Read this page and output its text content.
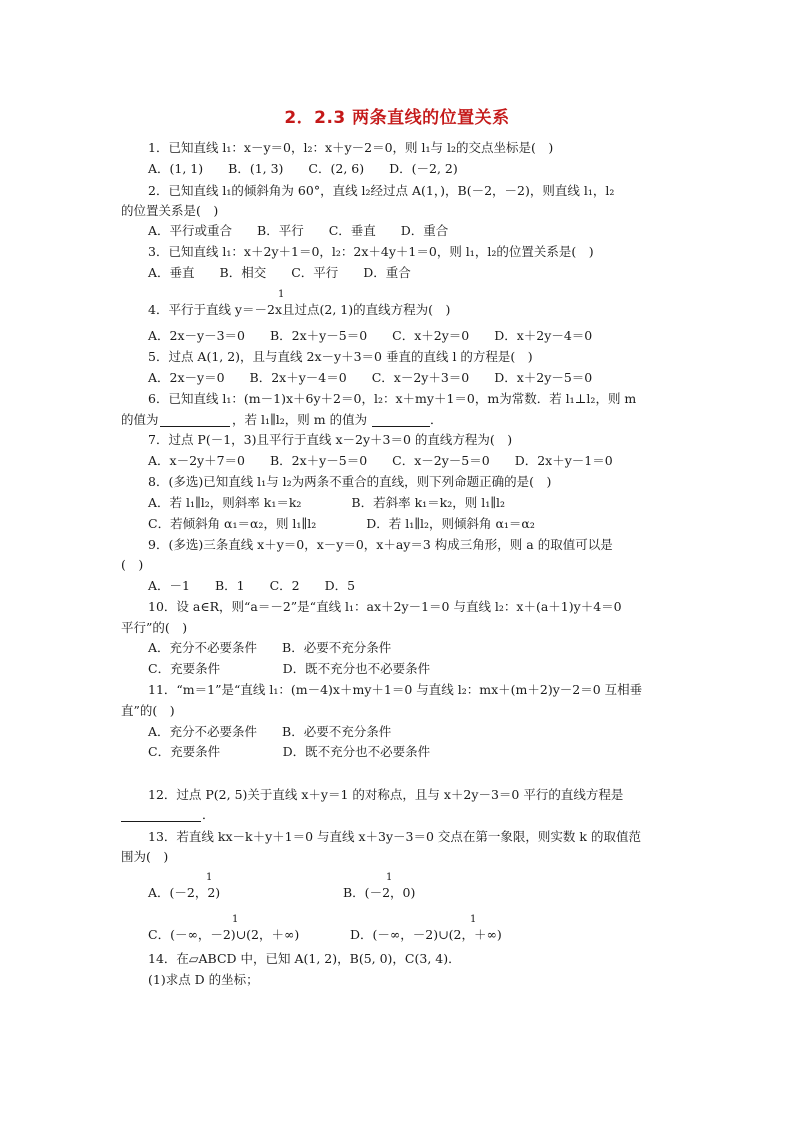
2．2.3 两条直线的位置关系
1．已知直线 l₁：x－y＝0，l₂：x＋y－2＝0，则 l₁与 l₂的交点坐标是(　)
A．(1, 1)　　B．(1, 3)　　C．(2, 6)　　D．(－2, 2)
2．已知直线 l₁的倾斜角为 60°，直线 l₂经过点 A(1，)，B(－2，－2)，则直线 l₁，l₂
的位置关系是(　)
A．平行或重合　　B．平行　　C．垂直　　D．重合
3．已知直线 l₁：x＋2y＋1＝0，l₂：2x＋4y＋1＝0，则 l₁，l₂的位置关系是(　)
A．垂直　　B．相交　　C．平行　　D．重合
1
4．平行于直线 y＝－2x且过点(2, 1)的直线方程为(　)
A．2x－y－3＝0　　B．2x＋y－5＝0　　C．x＋2y＝0　　D．x＋2y－4＝0
5．过点 A(1, 2)，且与直线 2x－y＋3＝0 垂直的直线 l 的方程是(　)
A．2x－y＝0　　B．2x＋y－4＝0　　C．x－2y＋3＝0　　D．x＋2y－5＝0
6．已知直线 l₁：(m－1)x＋6y＋2＝0，l₂：x＋my＋1＝0，m为常数．若 l₁⊥l₂，则 m
的值为	，若 l₁∥l₂，则 m 的值为	．
7．过点 P(－1，3)且平行于直线 x－2y＋3＝0 的直线方程为(　)
A．x－2y＋7＝0　　B．2x＋y－5＝0　　C．x－2y－5＝0　　D．2x＋y－1＝0
8．(多选)已知直线 l₁与 l₂为两条不重合的直线，则下列命题正确的是(　)
A．若 l₁∥l₂，则斜率 k₁＝k₂　　　　B．若斜率 k₁＝k₂，则 l₁∥l₂
C．若倾斜角 α₁＝α₂，则 l₁∥l₂　　　　D．若 l₁∥l₂，则倾斜角 α₁＝α₂
9．(多选)三条直线 x＋y＝0，x－y＝0，x＋ay＝3 构成三角形，则 a 的取值可以是
(　)
A．－1　　B．1　　C．2　　D．5
10．设 a∈R，则“a＝－2”是“直线 l₁：ax＋2y－1＝0 与直线 l₂：x＋(a＋1)y＋4＝0
平行”的(　)
A．充分不必要条件　　B．必要不充分条件
C．充要条件　　　　　D．既不充分也不必要条件
11．“m＝1”是“直线 l₁：(m－4)x＋my＋1＝0 与直线 l₂：mx＋(m＋2)y－2＝0 互相垂
直”的(　)
A．充分不必要条件　　B．必要不充分条件
C．充要条件　　　　　D．既不充分也不必要条件
12．过点 P(2, 5)关于直线 x＋y＝1 的对称点，且与 x＋2y－3＝0 平行的直线方程是
．
13．若直线 kx－k＋y＋1＝0 与直线 x＋3y－3＝0 交点在第一象限，则实数 k 的取值范
围为(　)
1
A．(－2，2)
1
B．(－2，0)
1
C．(－∞，－2)∪(2，＋∞)
1
D．(－∞，－2)∪(2，＋∞)
14．在▱ABCD 中，已知 A(1, 2)，B(5, 0)，C(3, 4)．
(1)求点 D 的坐标；
